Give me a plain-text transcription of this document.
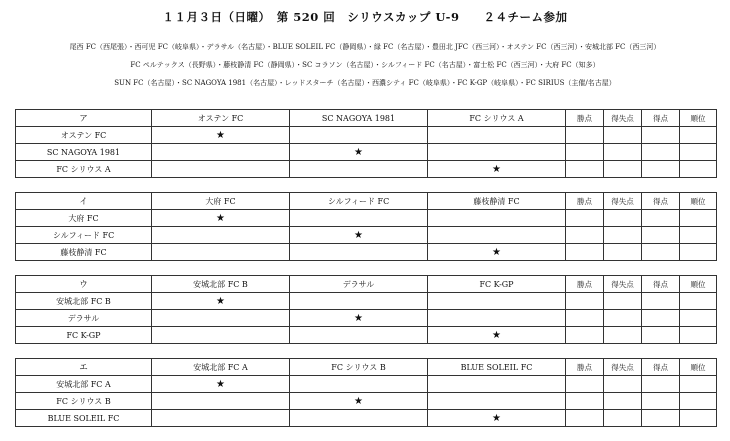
１１月３日（日曜）　第 520 回　シリウスカップ U-9　　２４チーム参加
尾西 FC（西尾張）・西可児 FC（岐阜県）・デラサル（名古屋）・BLUE SOLEIL FC（静岡県）・緑 FC（名古屋）・豊田北 JFC（西三河）・オステン FC（西三河）・安城北部 FC（西三河）
FC ペルテックス（長野県）・藤枝静清 FC（静岡県）・SC コラソン（名古屋）・シルフィード FC（名古屋）・富士松 FC（西三河）・大府 FC（知多）
SUN FC（名古屋）・SC NAGOYA 1981（名古屋）・レッドスターチ（名古屋）・西濃シティ FC（岐阜県）・FC K-GP（岐阜県）・FC SIRIUS（主催/名古屋）
ア	オステン FC	SC NAGOYA 1981	FC シリウス A	勝点	得失点	得点	順位
オステン FC	★						
SC NAGOYA 1981		★					
FC シリウス A			★				
イ	大府 FC	シルフィード FC	藤枝静清 FC	勝点	得失点	得点	順位
大府 FC	★						
シルフィード FC		★					
藤枝静清 FC			★				
ウ	安城北部 FC B	デラサル	FC K-GP	勝点	得失点	得点	順位
安城北部 FC B	★						
デラサル		★					
FC K-GP			★				
エ	安城北部 FC A	FC シリウス B	BLUE SOLEIL FC	勝点	得失点	得点	順位
安城北部 FC A	★						
FC シリウス B		★					
BLUE SOLEIL FC			★				
